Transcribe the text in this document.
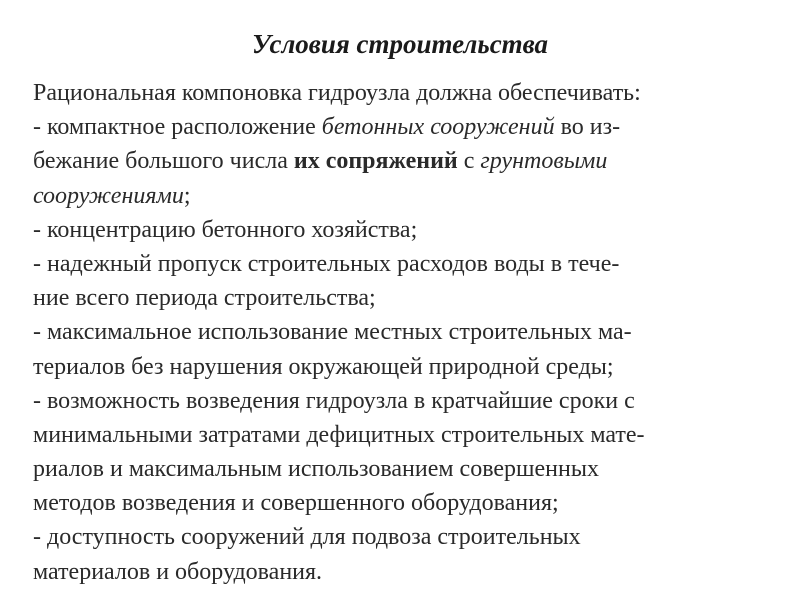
Условия строительства
Рациональная компоновка гидроузла должна обеспечивать:
- компактное расположение бетонных сооружений во из-
бежание большого числа их сопряжений с грунтовыми
сооружениями;
- концентрацию бетонного хозяйства;
- надежный пропуск строительных расходов воды в тече-
ние всего периода строительства;
- максимальное использование местных строительных ма-
териалов без нарушения окружающей природной среды;
- возможность возведения гидроузла в кратчайшие сроки с
минимальными затратами дефицитных строительных мате-
риалов и максимальным использованием совершенных
методов возведения и совершенного оборудования;
- доступность сооружений для подвоза строительных
материалов и оборудования.
